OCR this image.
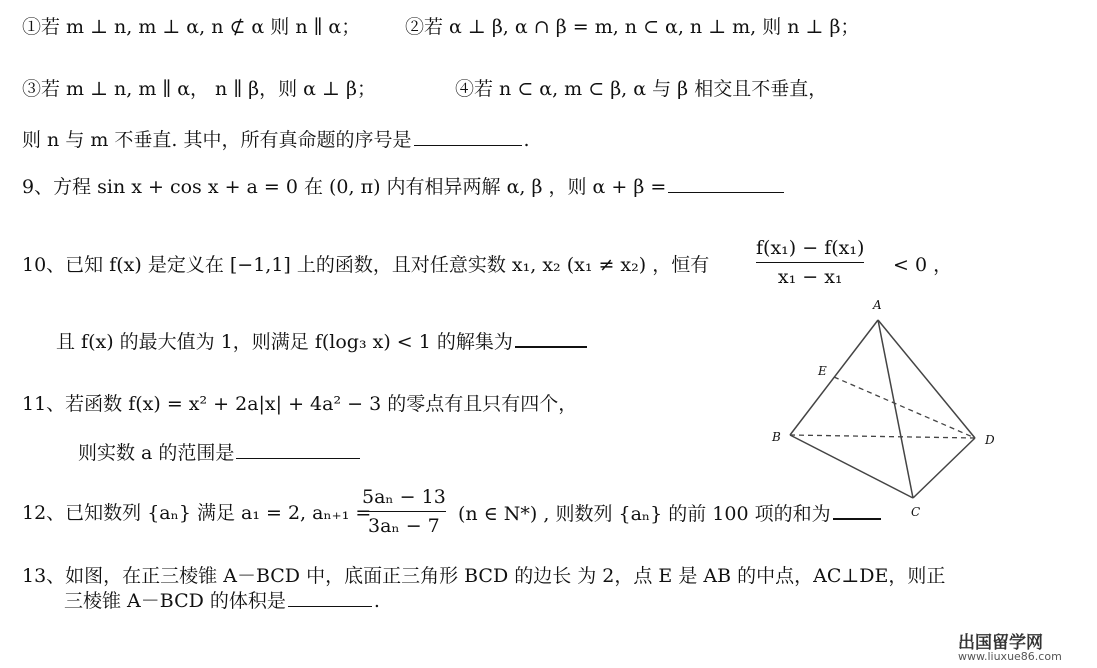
①若 m ⊥ n, m ⊥ α, n ⊄ α 则 n ∥ α； ②若 α ⊥ β, α ∩ β = m, n ⊂ α, n ⊥ m, 则 n ⊥ β；
③若 m ⊥ n, m ∥ α， n ∥ β，则 α ⊥ β；	④若 n ⊂ α, m ⊂ β, α 与 β 相交且不垂直，
则 n 与 m 不垂直. 其中，所有真命题的序号是	.
9、方程 sin x + cos x + a = 0 在 (0, π) 内有相异两解 α, β ，则 α + β =
10、已知 f(x) 是定义在 [−1,1] 上的函数，且对任意实数 x₁, x₂ (x₁ ≠ x₂) ，恒有
f(x₁) − f(x₁)
x₁ − x₁
< 0 ，
且 f(x) 的最大值为 1，则满足 f(log₃ x) < 1 的解集为
11、若函数 f(x) = x² + 2a|x| + 4a² − 3 的零点有且只有四个，
则实数 a 的范围是
12、已知数列 {aₙ} 满足 a₁ = 2, aₙ₊₁ =
5aₙ − 13
3aₙ − 7
(n ∈ N*) , 则数列 {aₙ} 的前 100 项的和为
13、如图，在正三棱锥 A－BCD 中，底面正三角形 BCD 的边长 为 2，点 E 是 AB 的中点，AC⊥DE，则正
三棱锥 A－BCD 的体积是	.
A
E
B	D
C
出国留学网
www.liuxue86.com
